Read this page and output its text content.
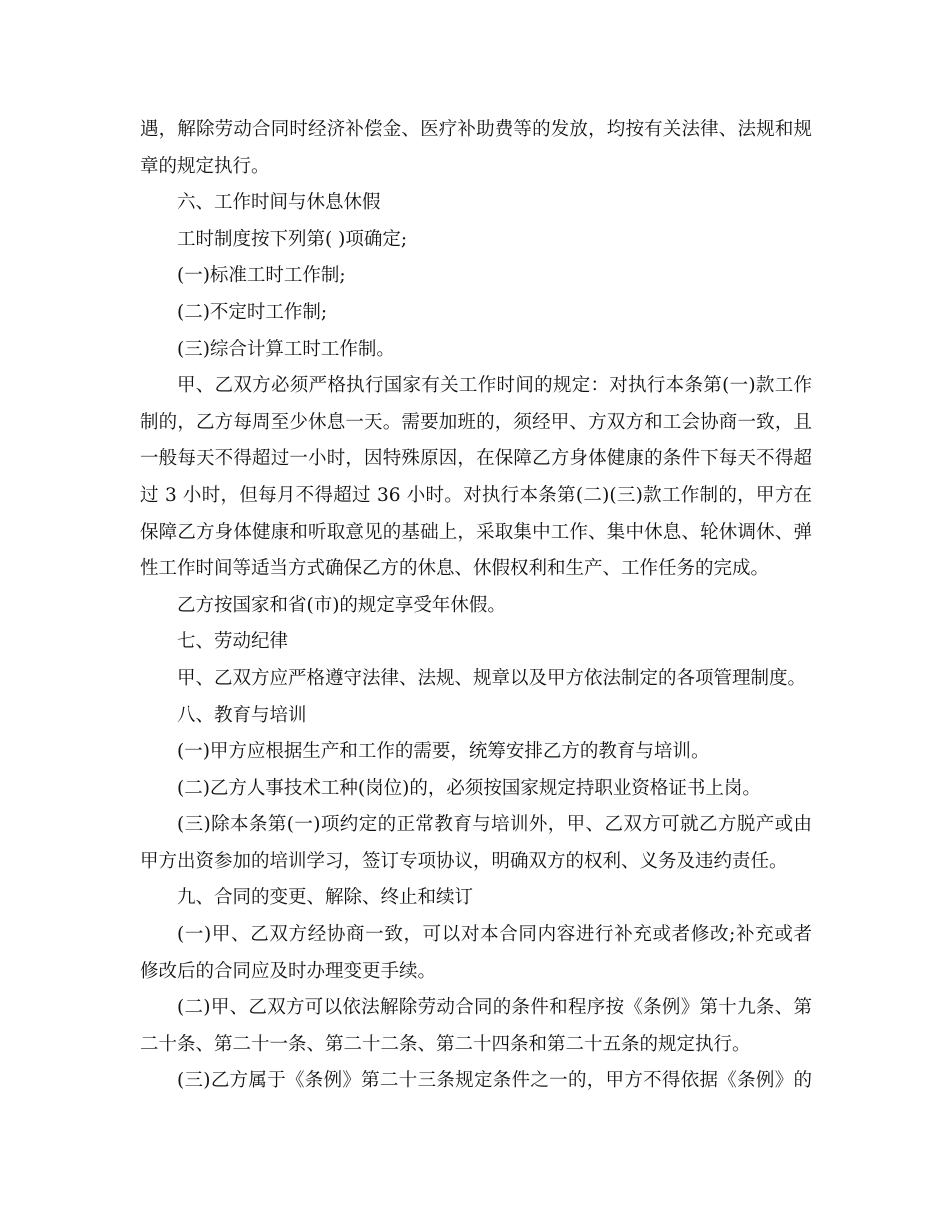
遇，解除劳动合同时经济补偿金、医疗补助费等的发放，均按有关法律、法规和规
章的规定执行。
六、工作时间与休息休假
工时制度按下列第( )项确定;
(一)标准工时工作制;
(二)不定时工作制;
(三)综合计算工时工作制。
甲、乙双方必须严格执行国家有关工作时间的规定：对执行本条第(一)款工作
制的，乙方每周至少休息一天。需要加班的，须经甲、方双方和工会协商一致，且
一般每天不得超过一小时，因特殊原因，在保障乙方身体健康的条件下每天不得超
过 3 小时，但每月不得超过 36 小时。对执行本条第(二)(三)款工作制的，甲方在
保障乙方身体健康和听取意见的基础上，采取集中工作、集中休息、轮休调休、弹
性工作时间等适当方式确保乙方的休息、休假权利和生产、工作任务的完成。
乙方按国家和省(市)的规定享受年休假。
七、劳动纪律
甲、乙双方应严格遵守法律、法规、规章以及甲方依法制定的各项管理制度。
八、教育与培训
(一)甲方应根据生产和工作的需要，统筹安排乙方的教育与培训。
(二)乙方人事技术工种(岗位)的，必须按国家规定持职业资格证书上岗。
(三)除本条第(一)项约定的正常教育与培训外，甲、乙双方可就乙方脱产或由
甲方出资参加的培训学习，签订专项协议，明确双方的权利、义务及违约责任。
九、合同的变更、解除、终止和续订
(一)甲、乙双方经协商一致，可以对本合同内容进行补充或者修改;补充或者
修改后的合同应及时办理变更手续。
(二)甲、乙双方可以依法解除劳动合同的条件和程序按《条例》第十九条、第
二十条、第二十一条、第二十二条、第二十四条和第二十五条的规定执行。
(三)乙方属于《条例》第二十三条规定条件之一的，甲方不得依据《条例》的
